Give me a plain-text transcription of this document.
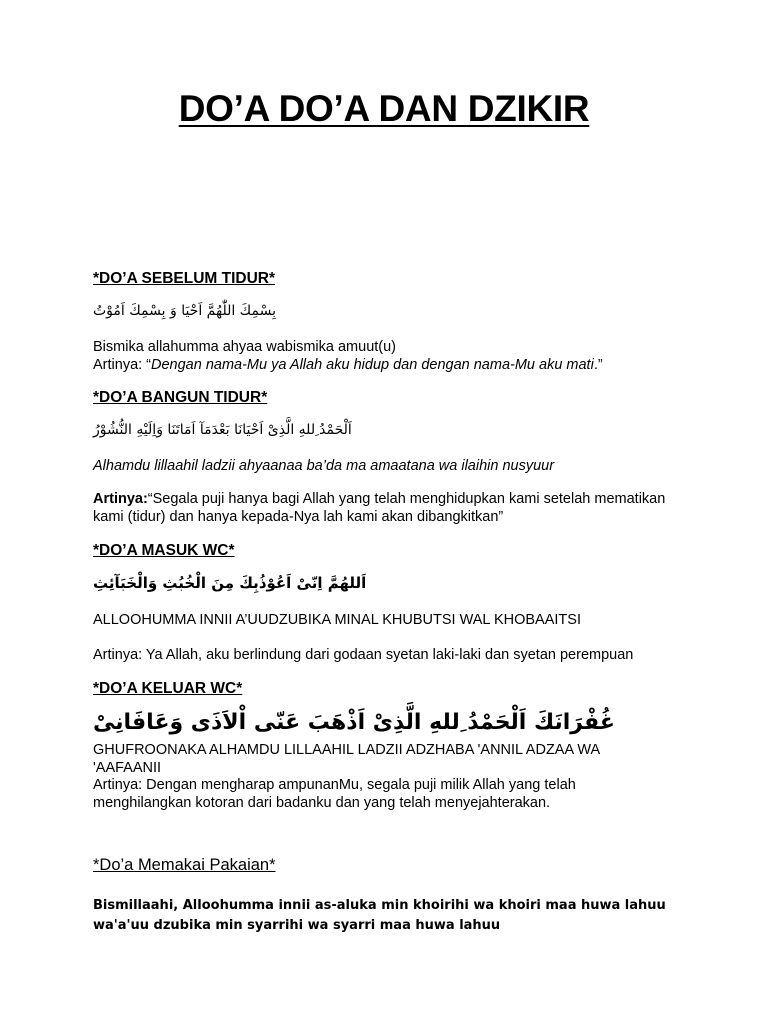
DO’A DO’A DAN DZIKIR
*DO’A SEBELUM TIDUR*
بِسْمِكَ اللّٰهُمَّ اَحْيَا وَ بِسْمِكَ اَمُوْتُ
Bismika allahumma ahyaa wabismika amuut(u)
Artinya: “Dengan nama-Mu ya Allah aku hidup dan dengan nama-Mu aku mati.”
*DO’A BANGUN TIDUR*
اَلْحَمْدُ ِللهِ الَّذِىْ اَحْيَانَا بَعْدَمَآ اَمَاتَنَا وَاِلَيْهِ النُّشُوْرُ
Alhamdu lillaahil ladzii ahyaanaa ba’da ma amaatana wa ilaihin nusyuur
Artinya:“Segala puji hanya bagi Allah yang telah menghidupkan kami setelah mematikan kami (tidur) dan hanya kepada-Nya lah kami akan dibangkitkan”
*DO’A MASUK WC*
اَللهُمَّ اِنّىْ اَعُوْذُبِكَ مِنَ الْخُبُثِ وَالْخَبَآئِثِ
ALLOOHUMMA INNII A’UUDZUBIKA MINAL KHUBUTSI WAL KHOBAAITSI
Artinya: Ya Allah, aku berlindung dari godaan syetan laki-laki dan syetan perempuan
*DO’A KELUAR WC*
غُفْرَانَكَ اَلْحَمْدُ ِللهِ الَّذِىْ اَذْهَبَ عَنّى اْلاَذَى وَعَافَانِىْ
GHUFROONAKA ALHAMDU LILLAAHIL LADZII ADZHABA 'ANNIL ADZAA WA 'AAFAANII
Artinya: Dengan mengharap ampunanMu, segala puji milik Allah yang telah menghilangkan kotoran dari badanku dan yang telah menyejahterakan.
*Do’a Memakai Pakaian*
Bismillaahi, Alloohumma innii as-aluka min khoirihi wa khoiri maa huwa lahuu wa'a'uu dzubika min syarrihi wa syarri maa huwa lahuu
